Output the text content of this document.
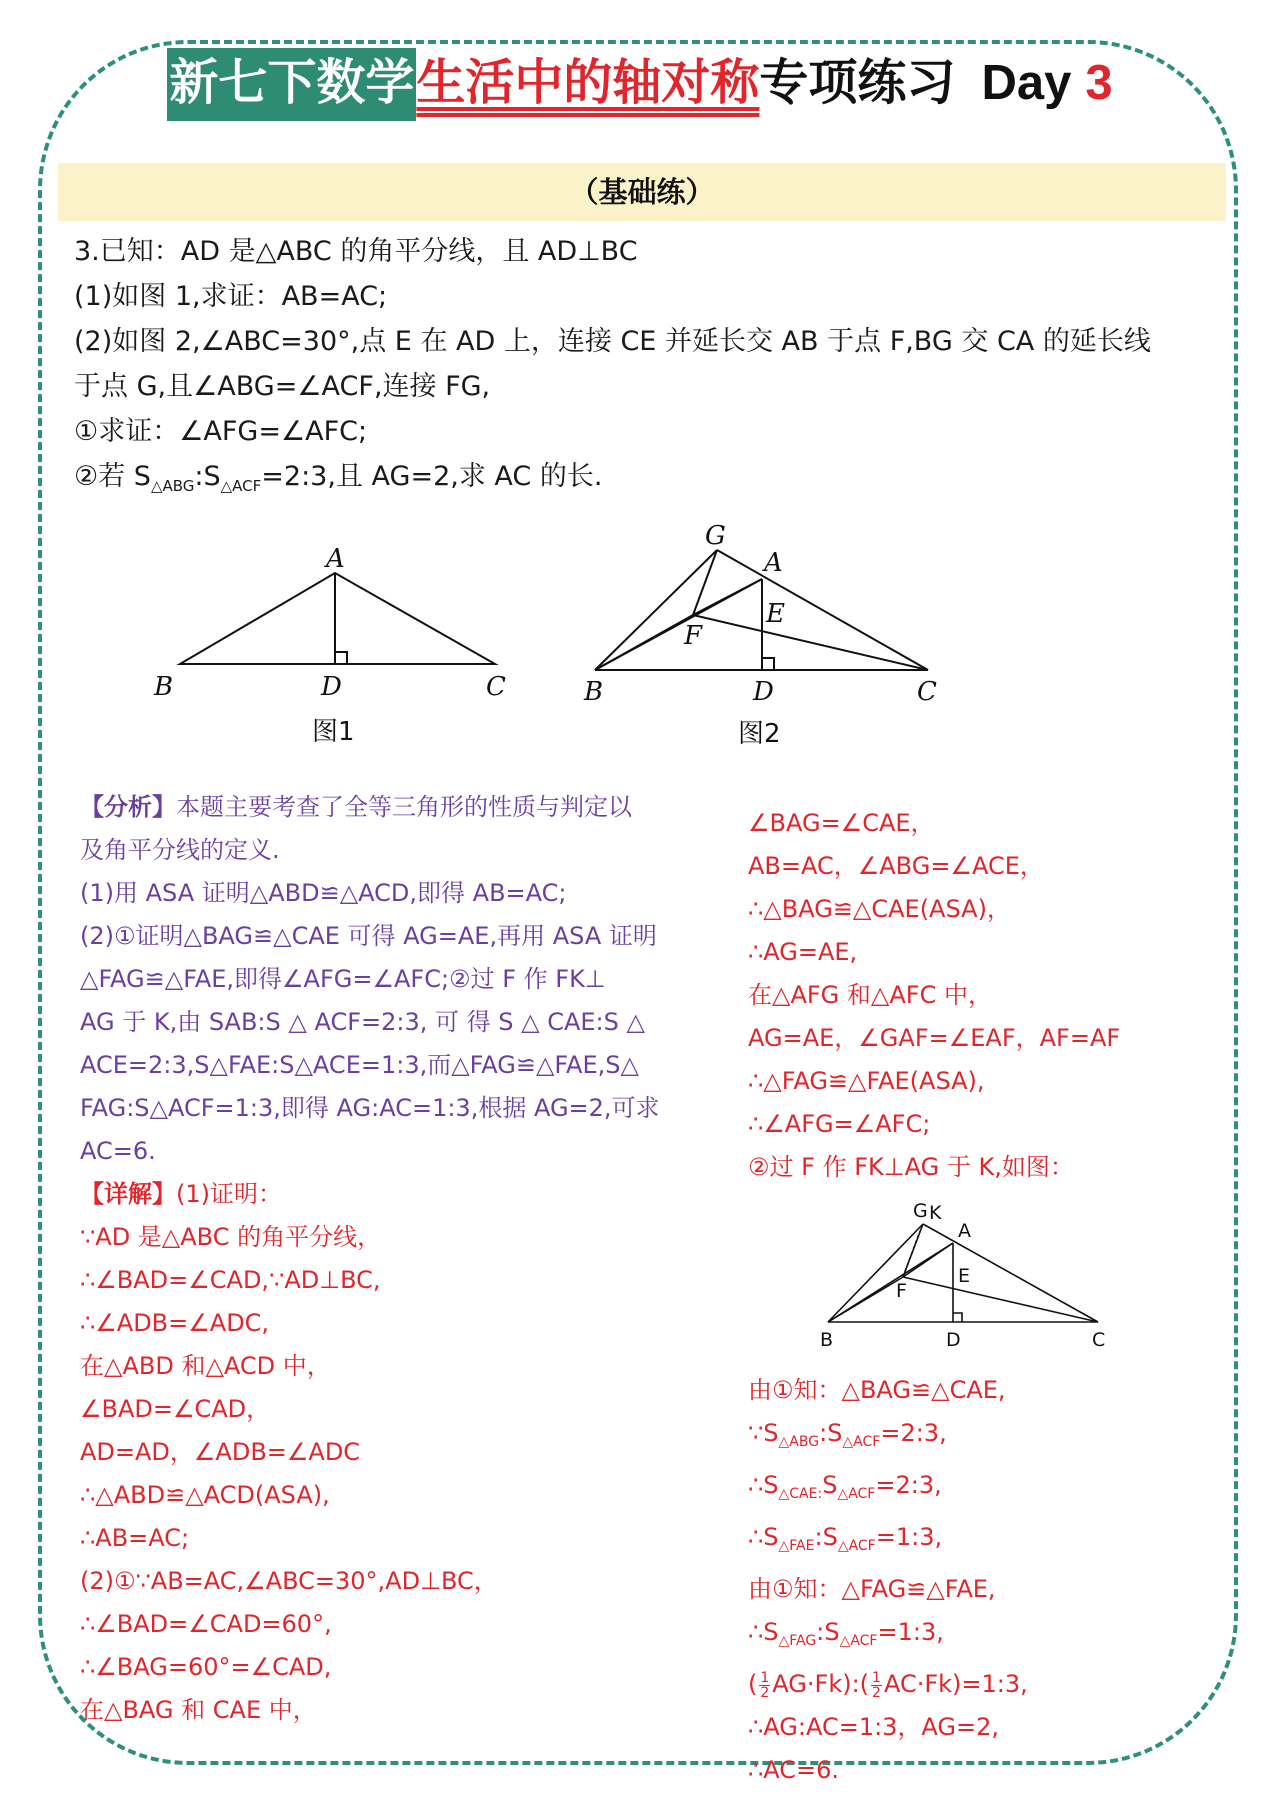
新七下数学生活中的轴对称专项练习 Day 3
（基础练）
3.已知：AD 是△ABC 的角平分线，且 AD⊥BC
(1)如图 1,求证：AB=AC;
(2)如图 2,∠ABC=30°,点 E 在 AD 上，连接 CE 并延长交 AB 于点 F,BG 交 CA 的延长线
于点 G,且∠ABG=∠ACF,连接 FG,
①求证：∠AFG=∠AFC;
②若 $S_{\triangle ABG}:S_{\triangle ACF}=2:3$,且 AG=2,求 AC 的长.
A
B	D	C
图1
G
A
E
F
B	D	C
图2
【分析】本题主要考查了全等三角形的性质与判定以
及角平分线的定义.
(1)用 ASA 证明△ABD≌△ACD,即得 AB=AC;
(2)①证明△BAG≌△CAE 可得 AG=AE,再用 ASA 证明
△FAG≌△FAE,即得∠AFG=∠AFC;②过 F 作 FK⊥
AG 于 K,由 SAB:S △ ACF=2:3, 可 得 S △ CAE:S △
ACE=2:3,S△FAE:S△ACE=1:3,而△FAG≌△FAE,S△
FAG:S△ACF=1:3,即得 AG:AC=1:3,根据 AG=2,可求
AC=6.
【详解】(1)证明：
∵AD 是△ABC 的角平分线，
∴∠BAD=∠CAD,∵AD⊥BC,
∴∠ADB=∠ADC,
在△ABD 和△ACD 中，
∠BAD=∠CAD，
AD=AD，∠ADB=∠ADC
∴△ABD≌△ACD(ASA),
∴AB=AC;
(2)①∵AB=AC,∠ABC=30°,AD⊥BC，
∴∠BAD=∠CAD=60°,
∴∠BAG=60°=∠CAD,
在△BAG 和 CAE 中，
∠BAG=∠CAE，
AB=AC，∠ABG=∠ACE，
∴△BAG≌△CAE(ASA)，
∴AG=AE,
在△AFG 和△AFC 中，
AG=AE，∠GAF=∠EAF，AF=AF
∴△FAG≌△FAE(ASA),
∴∠AFG=∠AFC;
②过 F 作 FK⊥AG 于 K,如图：
G K
A
E
F
B	D	C
由①知：△BAG≌△CAE,
$\because S_{\triangle ABG}:S_{\triangle ACF}=2:3$,
$\therefore S_{\triangle CAE:}S_{\triangle ACF}=2:3$,
$\therefore S_{\triangle FAE}:S_{\triangle ACF}=1:3$,
由①知：△FAG≌△FAE,
$\therefore S_{\triangle FAG}:S_{\triangle ACF}=1:3$,
( $\frac{1}{2}$ AG·Fk):( $\frac{1}{2}$ AC·Fk)=1:3,
∴AG:AC=1:3，AG=2,
∴AC=6.
